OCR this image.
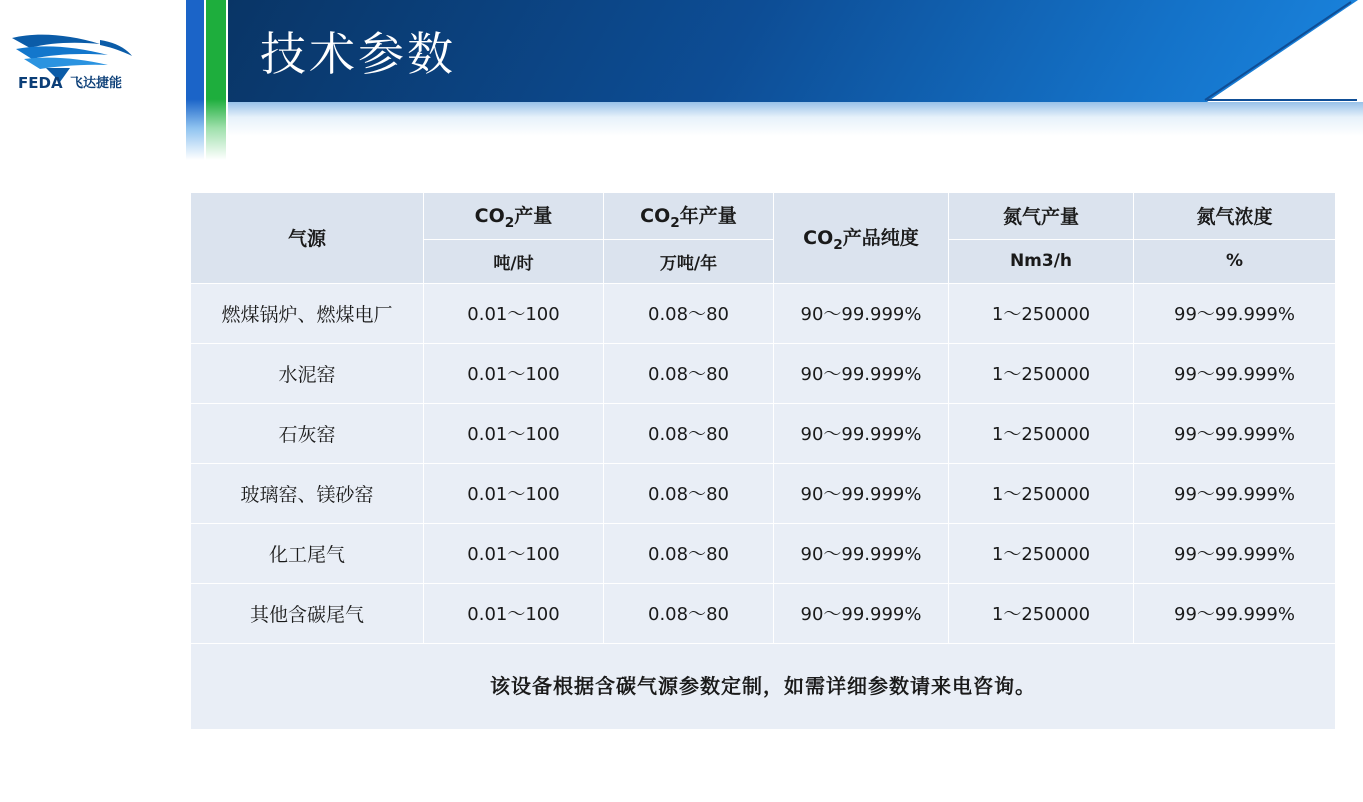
FEDA 飞达捷能
技术参数
气源	$CO_2$产量	$CO_2$年产量	$CO_2$产品纯度	氮气产量	氮气浓度
	吨/时	万吨/年		Nm3/h	%
燃煤锅炉、燃煤电厂	0.01～100	0.08～80	90～99.999%	1～250000	99～99.999%
水泥窑	0.01～100	0.08～80	90～99.999%	1～250000	99～99.999%
石灰窑	0.01～100	0.08～80	90～99.999%	1～250000	99～99.999%
玻璃窑、镁砂窑	0.01～100	0.08～80	90～99.999%	1～250000	99～99.999%
化工尾气	0.01～100	0.08～80	90～99.999%	1～250000	99～99.999%
其他含碳尾气	0.01～100	0.08～80	90～99.999%	1～250000	99～99.999%
该设备根据含碳气源参数定制，如需详细参数请来电咨询。					
